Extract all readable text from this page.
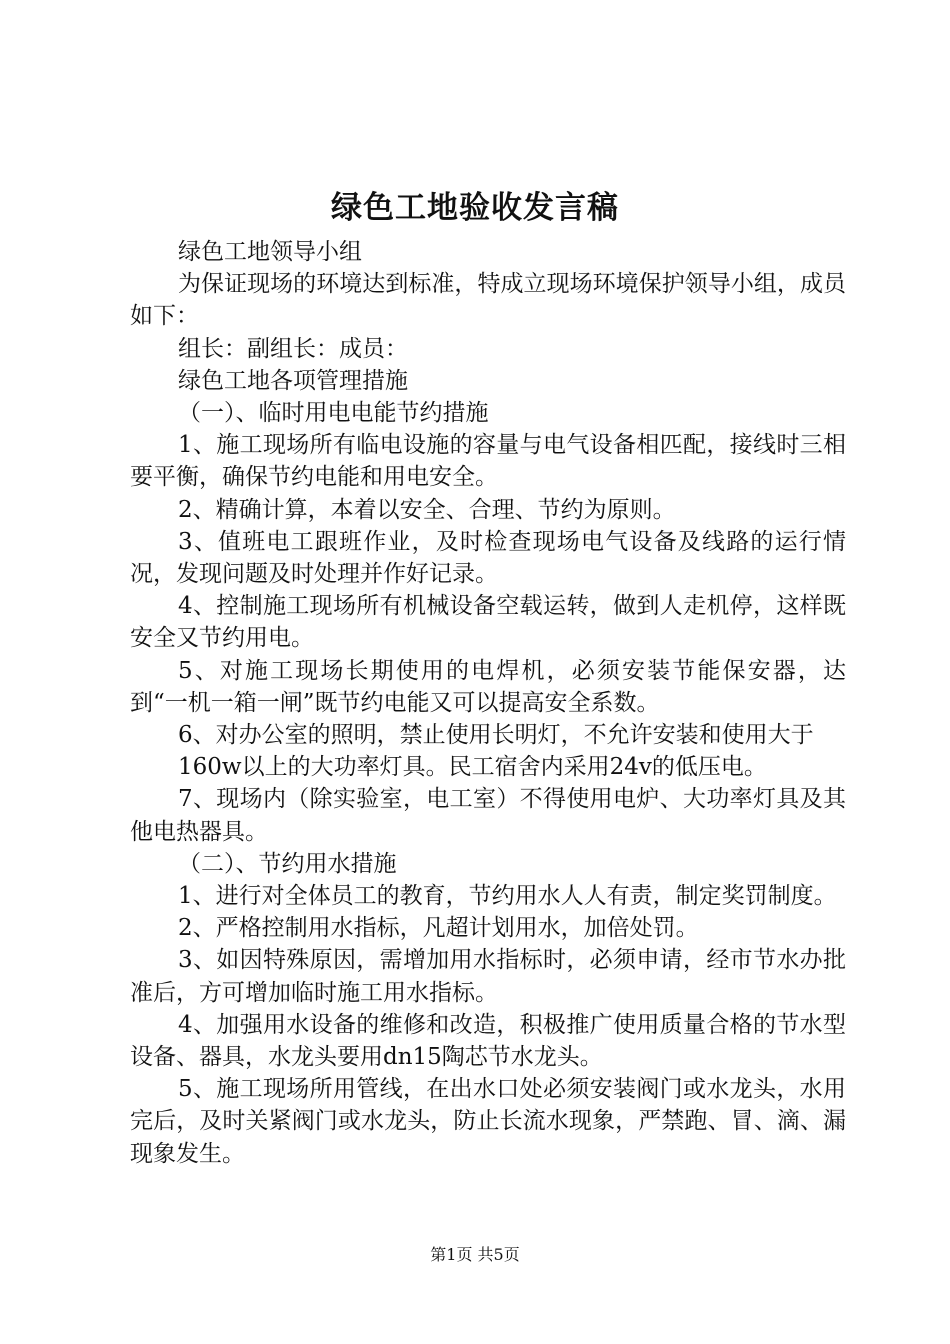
绿色工地验收发言稿

绿色工地领导小组

为保证现场的环境达到标准，特成立现场环境保护领导小组，成员如下：

组长：副组长：成员：

绿色工地各项管理措施

（一）、临时用电电能节约措施

1、施工现场所有临电设施的容量与电气设备相匹配，接线时三相要平衡，确保节约电能和用电安全。

2、精确计算，本着以安全、合理、节约为原则。

3、值班电工跟班作业，及时检查现场电气设备及线路的运行情况，发现问题及时处理并作好记录。

4、控制施工现场所有机械设备空载运转，做到人走机停，这样既安全又节约用电。

5、对施工现场长期使用的电焊机，必须安装节能保安器，达到“一机一箱一闸”既节约电能又可以提高安全系数。

6、对办公室的照明，禁止使用长明灯，不允许安装和使用大于

160w以上的大功率灯具。民工宿舍内采用24v的低压电。

7、现场内（除实验室，电工室）不得使用电炉、大功率灯具及其他电热器具。

（二）、节约用水措施

1、进行对全体员工的教育，节约用水人人有责，制定奖罚制度。

2、严格控制用水指标，凡超计划用水，加倍处罚。

3、如因特殊原因，需增加用水指标时，必须申请，经市节水办批准后，方可增加临时施工用水指标。

4、加强用水设备的维修和改造，积极推广使用质量合格的节水型设备、器具，水龙头要用dn15陶芯节水龙头。

5、施工现场所用管线，在出水口处必须安装阀门或水龙头，水用完后，及时关紧阀门或水龙头，防止长流水现象，严禁跑、冒、滴、漏现象发生。

第1页 共5页
